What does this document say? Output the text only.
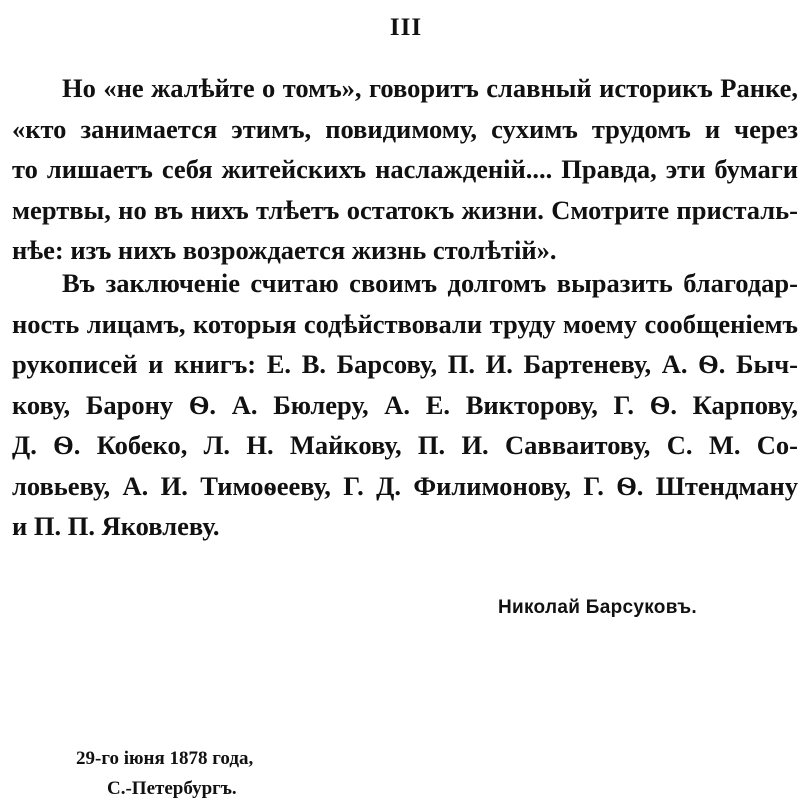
III
Но «не жалѣйте о томъ», говоритъ славный историкъ Ранке,
«кто занимается этимъ, повидимому, сухимъ трудомъ и через
то лишаетъ себя житейскихъ наслажденій.... Правда, эти бумаги
мертвы, но въ нихъ тлѣетъ остатокъ жизни. Смотрите присталь-
нѣе: изъ нихъ возрождается жизнь столѣтій».
Въ заключеніе считаю своимъ долгомъ выразить благодар-
ность лицамъ, которыя содѣйствовали труду моему сообщеніемъ
рукописей и книгъ: Е. В. Барсову, П. И. Бартеневу, А. Ѳ. Быч-
кову, Барону Ѳ. А. Бюлеру, А. Е. Викторову, Г. Ѳ. Карпову,
Д. Ѳ. Кобеко, Л. Н. Майкову, П. И. Савваитову, С. М. Со-
ловьеву, А. И. Тимоѳееву, Г. Д. Филимонову, Г. Ѳ. Штендману
и П. П. Яковлеву.
Николай Барсуковъ.
29-го іюня 1878 года,
С.-Петербургъ.
